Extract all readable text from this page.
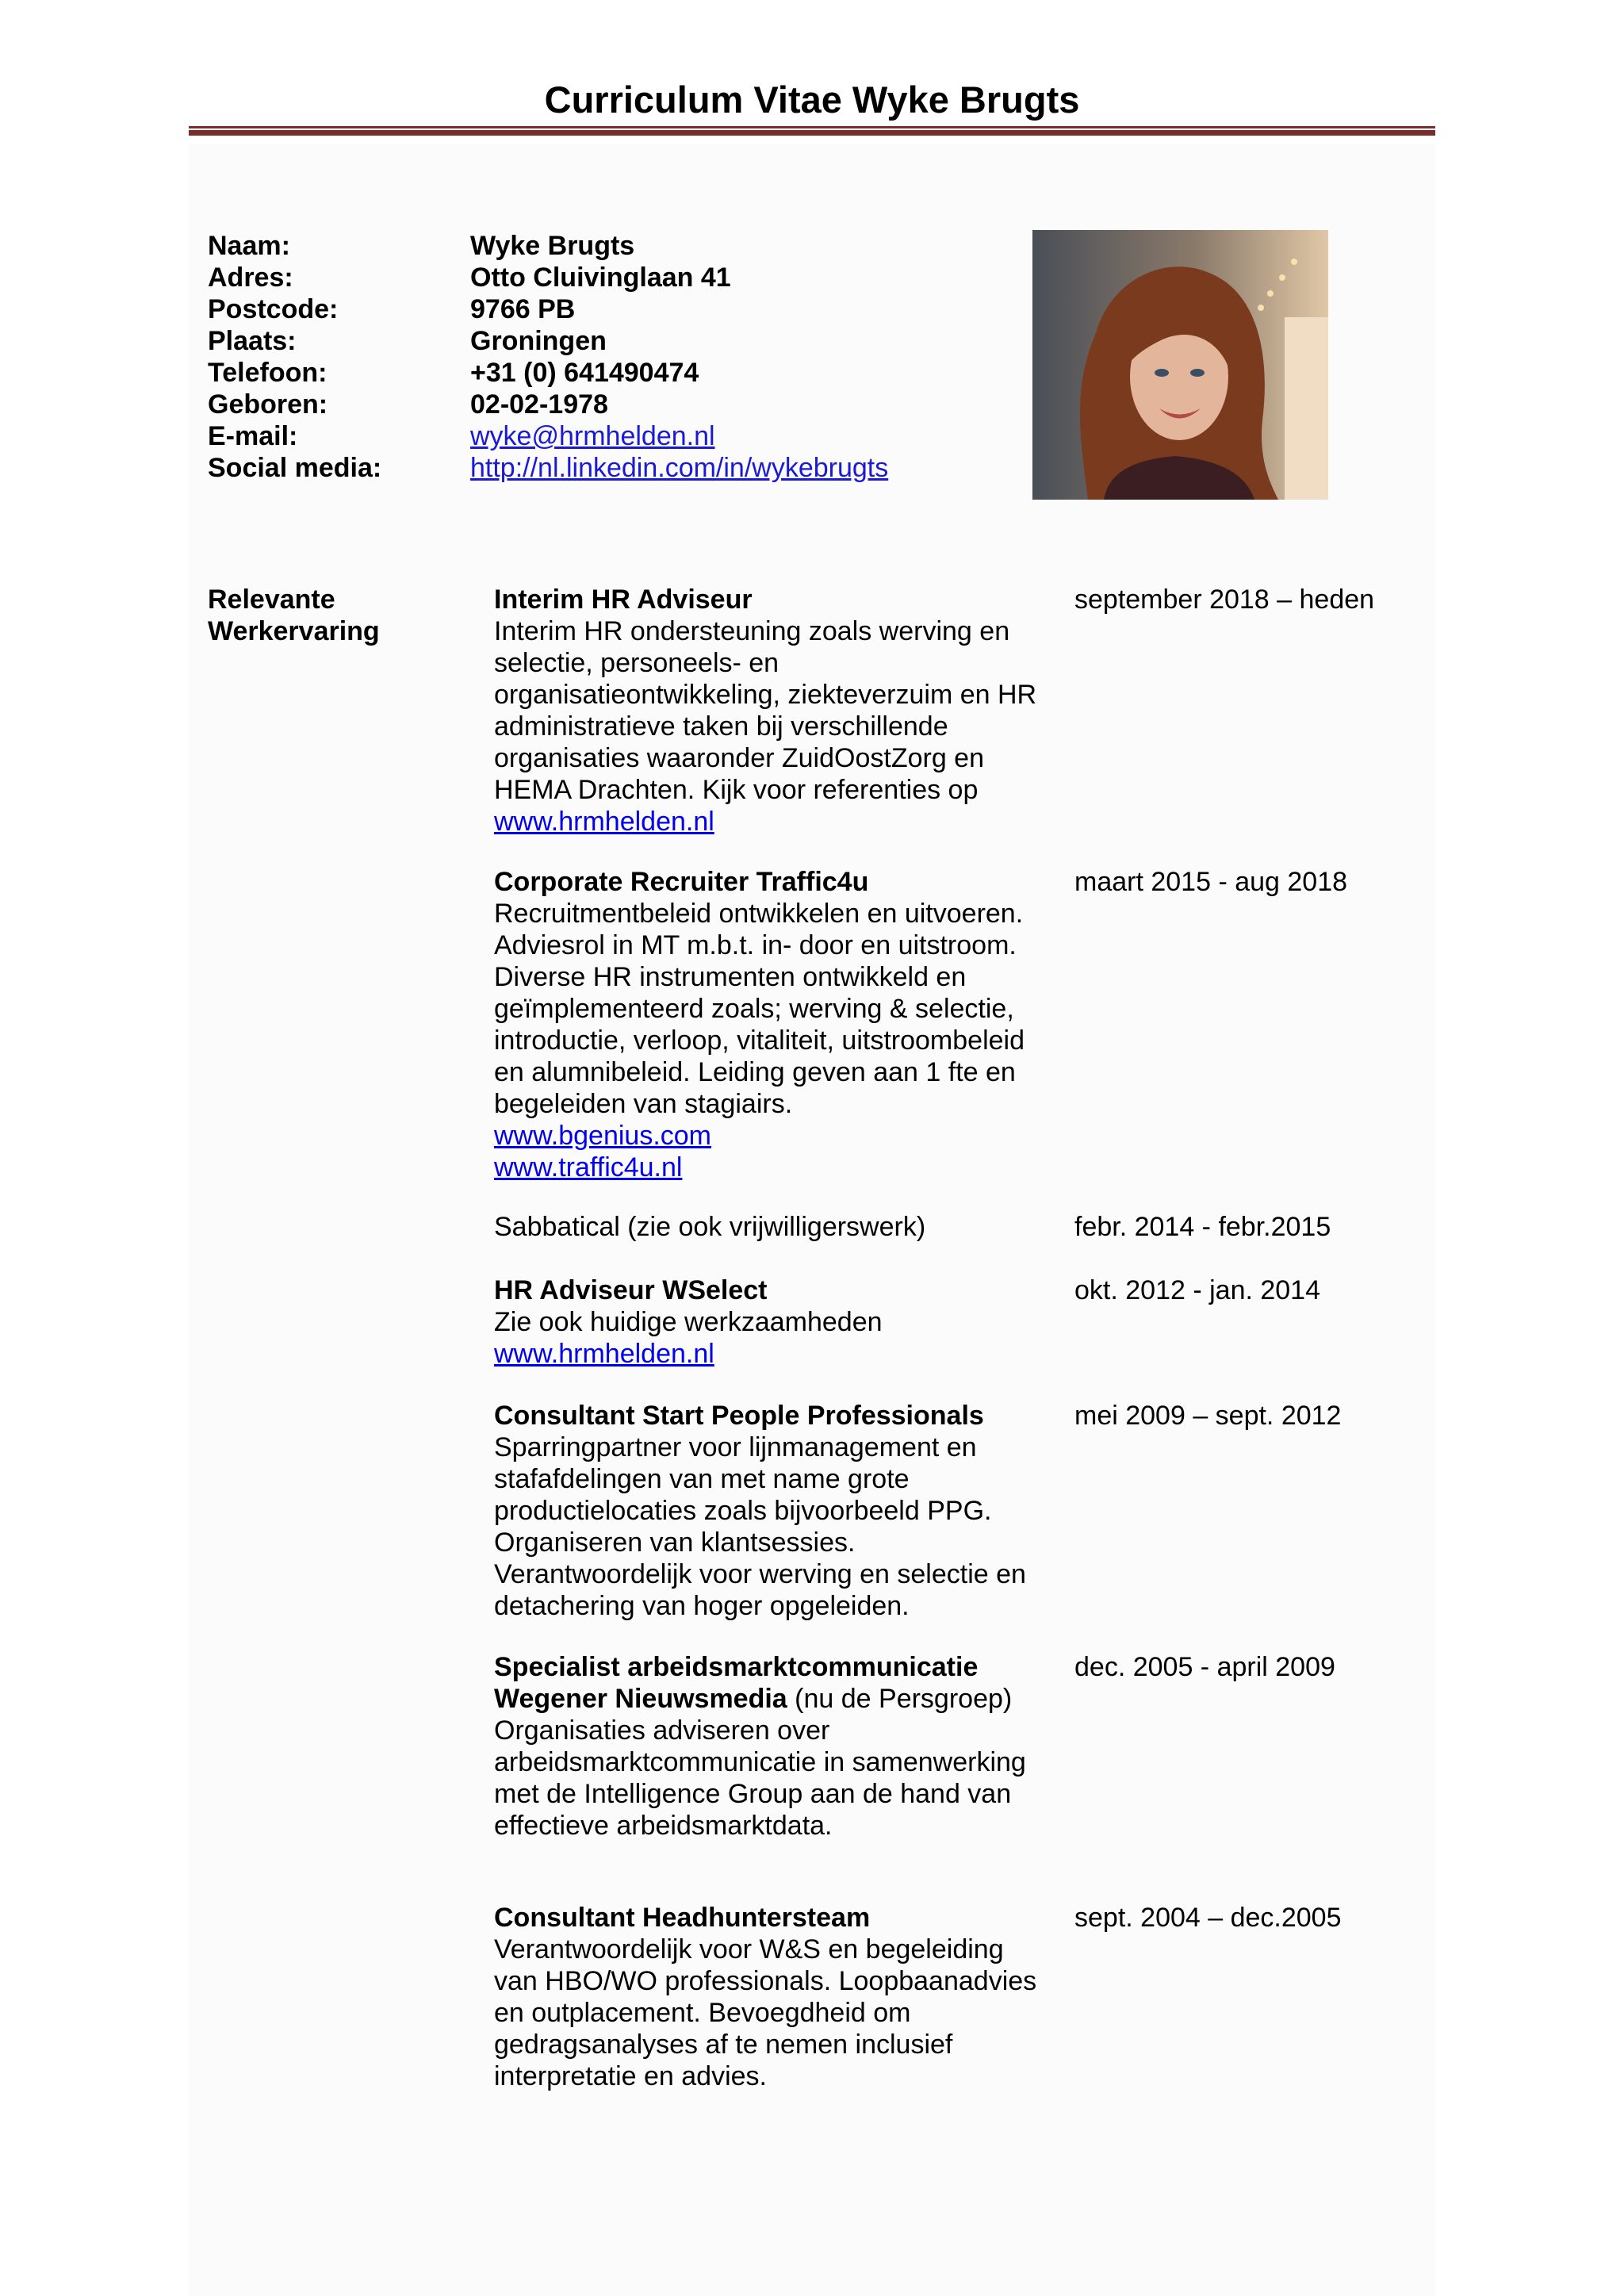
Curriculum Vitae Wyke Brugts
Naam:
Adres:
Postcode:
Plaats:
Telefoon:
Geboren:
E-mail:
Social media:
Wyke Brugts
Otto Cluivinglaan 41
9766 PB
Groningen
+31 (0) 641490474
02-02-1978
wyke@hrmhelden.nl
http://nl.linkedin.com/in/wykebrugts
Relevante
Werkervaring
Interim HR Adviseur
Interim HR ondersteuning zoals werving en selectie, personeels- en organisatieontwikkeling, ziekteverzuim en HR administratieve taken bij verschillende organisaties waaronder ZuidOostZorg en HEMA Drachten. Kijk voor referenties op
www.hrmhelden.nl
september 2018 – heden
Corporate Recruiter Traffic4u
Recruitmentbeleid ontwikkelen en uitvoeren. Adviesrol in MT m.b.t. in- door en uitstroom. Diverse HR instrumenten ontwikkeld en geïmplementeerd zoals; werving & selectie, introductie, verloop, vitaliteit, uitstroombeleid en alumnibeleid. Leiding geven aan 1 fte en begeleiden van stagiairs.
www.bgenius.com
www.traffic4u.nl
maart 2015 - aug 2018
Sabbatical (zie ook vrijwilligerswerk)	febr. 2014 - febr.2015
HR Adviseur WSelect
Zie ook huidige werkzaamheden
www.hrmhelden.nl
okt. 2012 - jan. 2014
Consultant Start People Professionals
Sparringpartner voor lijnmanagement en stafafdelingen van met name grote productielocaties zoals bijvoorbeeld PPG. Organiseren van klantsessies. Verantwoordelijk voor werving en selectie en detachering van hoger opgeleiden.
mei 2009 – sept. 2012
Specialist arbeidsmarktcommunicatie Wegener Nieuwsmedia (nu de Persgroep)
Organisaties adviseren over arbeidsmarktcommunicatie in samenwerking met de Intelligence Group aan de hand van effectieve arbeidsmarktdata.
dec. 2005 - april 2009
Consultant Headhuntersteam
Verantwoordelijk voor W&S en begeleiding van HBO/WO professionals. Loopbaanadvies en outplacement. Bevoegdheid om gedragsanalyses af te nemen inclusief interpretatie en advies.
sept. 2004 – dec.2005
